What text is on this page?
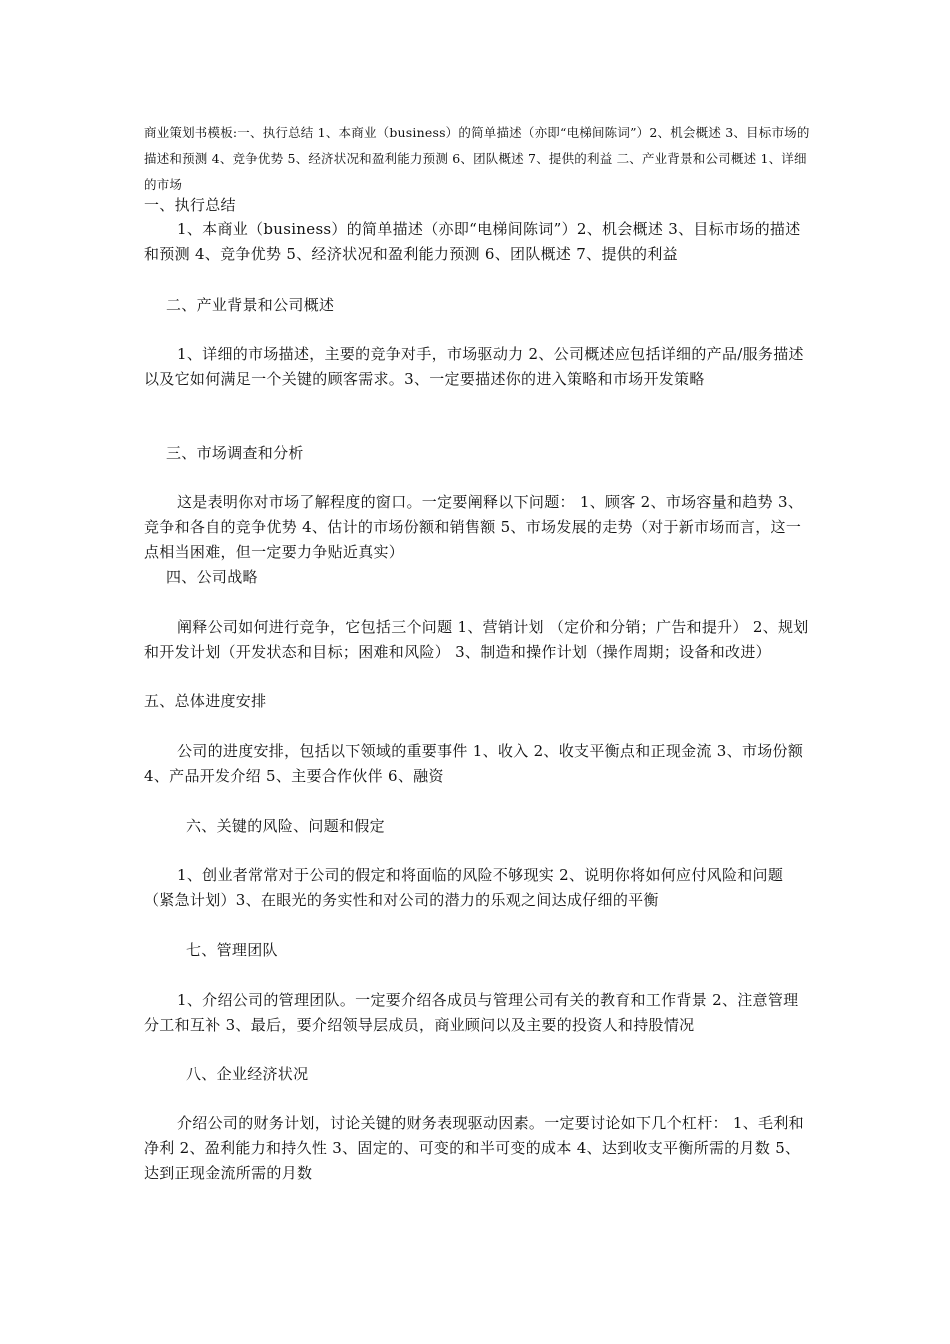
商业策划书模板:一、执行总结 1、本商业（business）的简单描述（亦即“电梯间陈词”）2、机会概述 3、目标市场的描述和预测 4、竞争优势 5、经济状况和盈利能力预测 6、团队概述 7、提供的利益 二、产业背景和公司概述 1、详细的市场
一、执行总结
1、本商业（business）的简单描述（亦即“电梯间陈词”）2、机会概述 3、目标市场的描述和预测 4、竞争优势 5、经济状况和盈利能力预测 6、团队概述 7、提供的利益
二、产业背景和公司概述
1、详细的市场描述，主要的竞争对手，市场驱动力 2、公司概述应包括详细的产品/服务描述以及它如何满足一个关键的顾客需求。3、一定要描述你的进入策略和市场开发策略
三、市场调查和分析
这是表明你对市场了解程度的窗口。一定要阐释以下问题： 1、顾客 2、市场容量和趋势 3、竞争和各自的竞争优势 4、估计的市场份额和销售额 5、市场发展的走势（对于新市场而言，这一点相当困难，但一定要力争贴近真实）
四、公司战略
阐释公司如何进行竞争，它包括三个问题 1、营销计划 （定价和分销；广告和提升） 2、规划和开发计划（开发状态和目标；困难和风险） 3、制造和操作计划（操作周期；设备和改进）
五、总体进度安排
公司的进度安排，包括以下领域的重要事件 1、收入 2、收支平衡点和正现金流 3、市场份额 4、产品开发介绍 5、主要合作伙伴 6、融资
六、关键的风险、问题和假定
1、创业者常常对于公司的假定和将面临的风险不够现实 2、说明你将如何应付风险和问题（紧急计划）3、在眼光的务实性和对公司的潜力的乐观之间达成仔细的平衡
七、管理团队
1、介绍公司的管理团队。一定要介绍各成员与管理公司有关的教育和工作背景 2、注意管理分工和互补 3、最后，要介绍领导层成员，商业顾问以及主要的投资人和持股情况
八、企业经济状况
介绍公司的财务计划，讨论关键的财务表现驱动因素。一定要讨论如下几个杠杆： 1、毛利和净利 2、盈利能力和持久性 3、固定的、可变的和半可变的成本 4、达到收支平衡所需的月数 5、达到正现金流所需的月数
